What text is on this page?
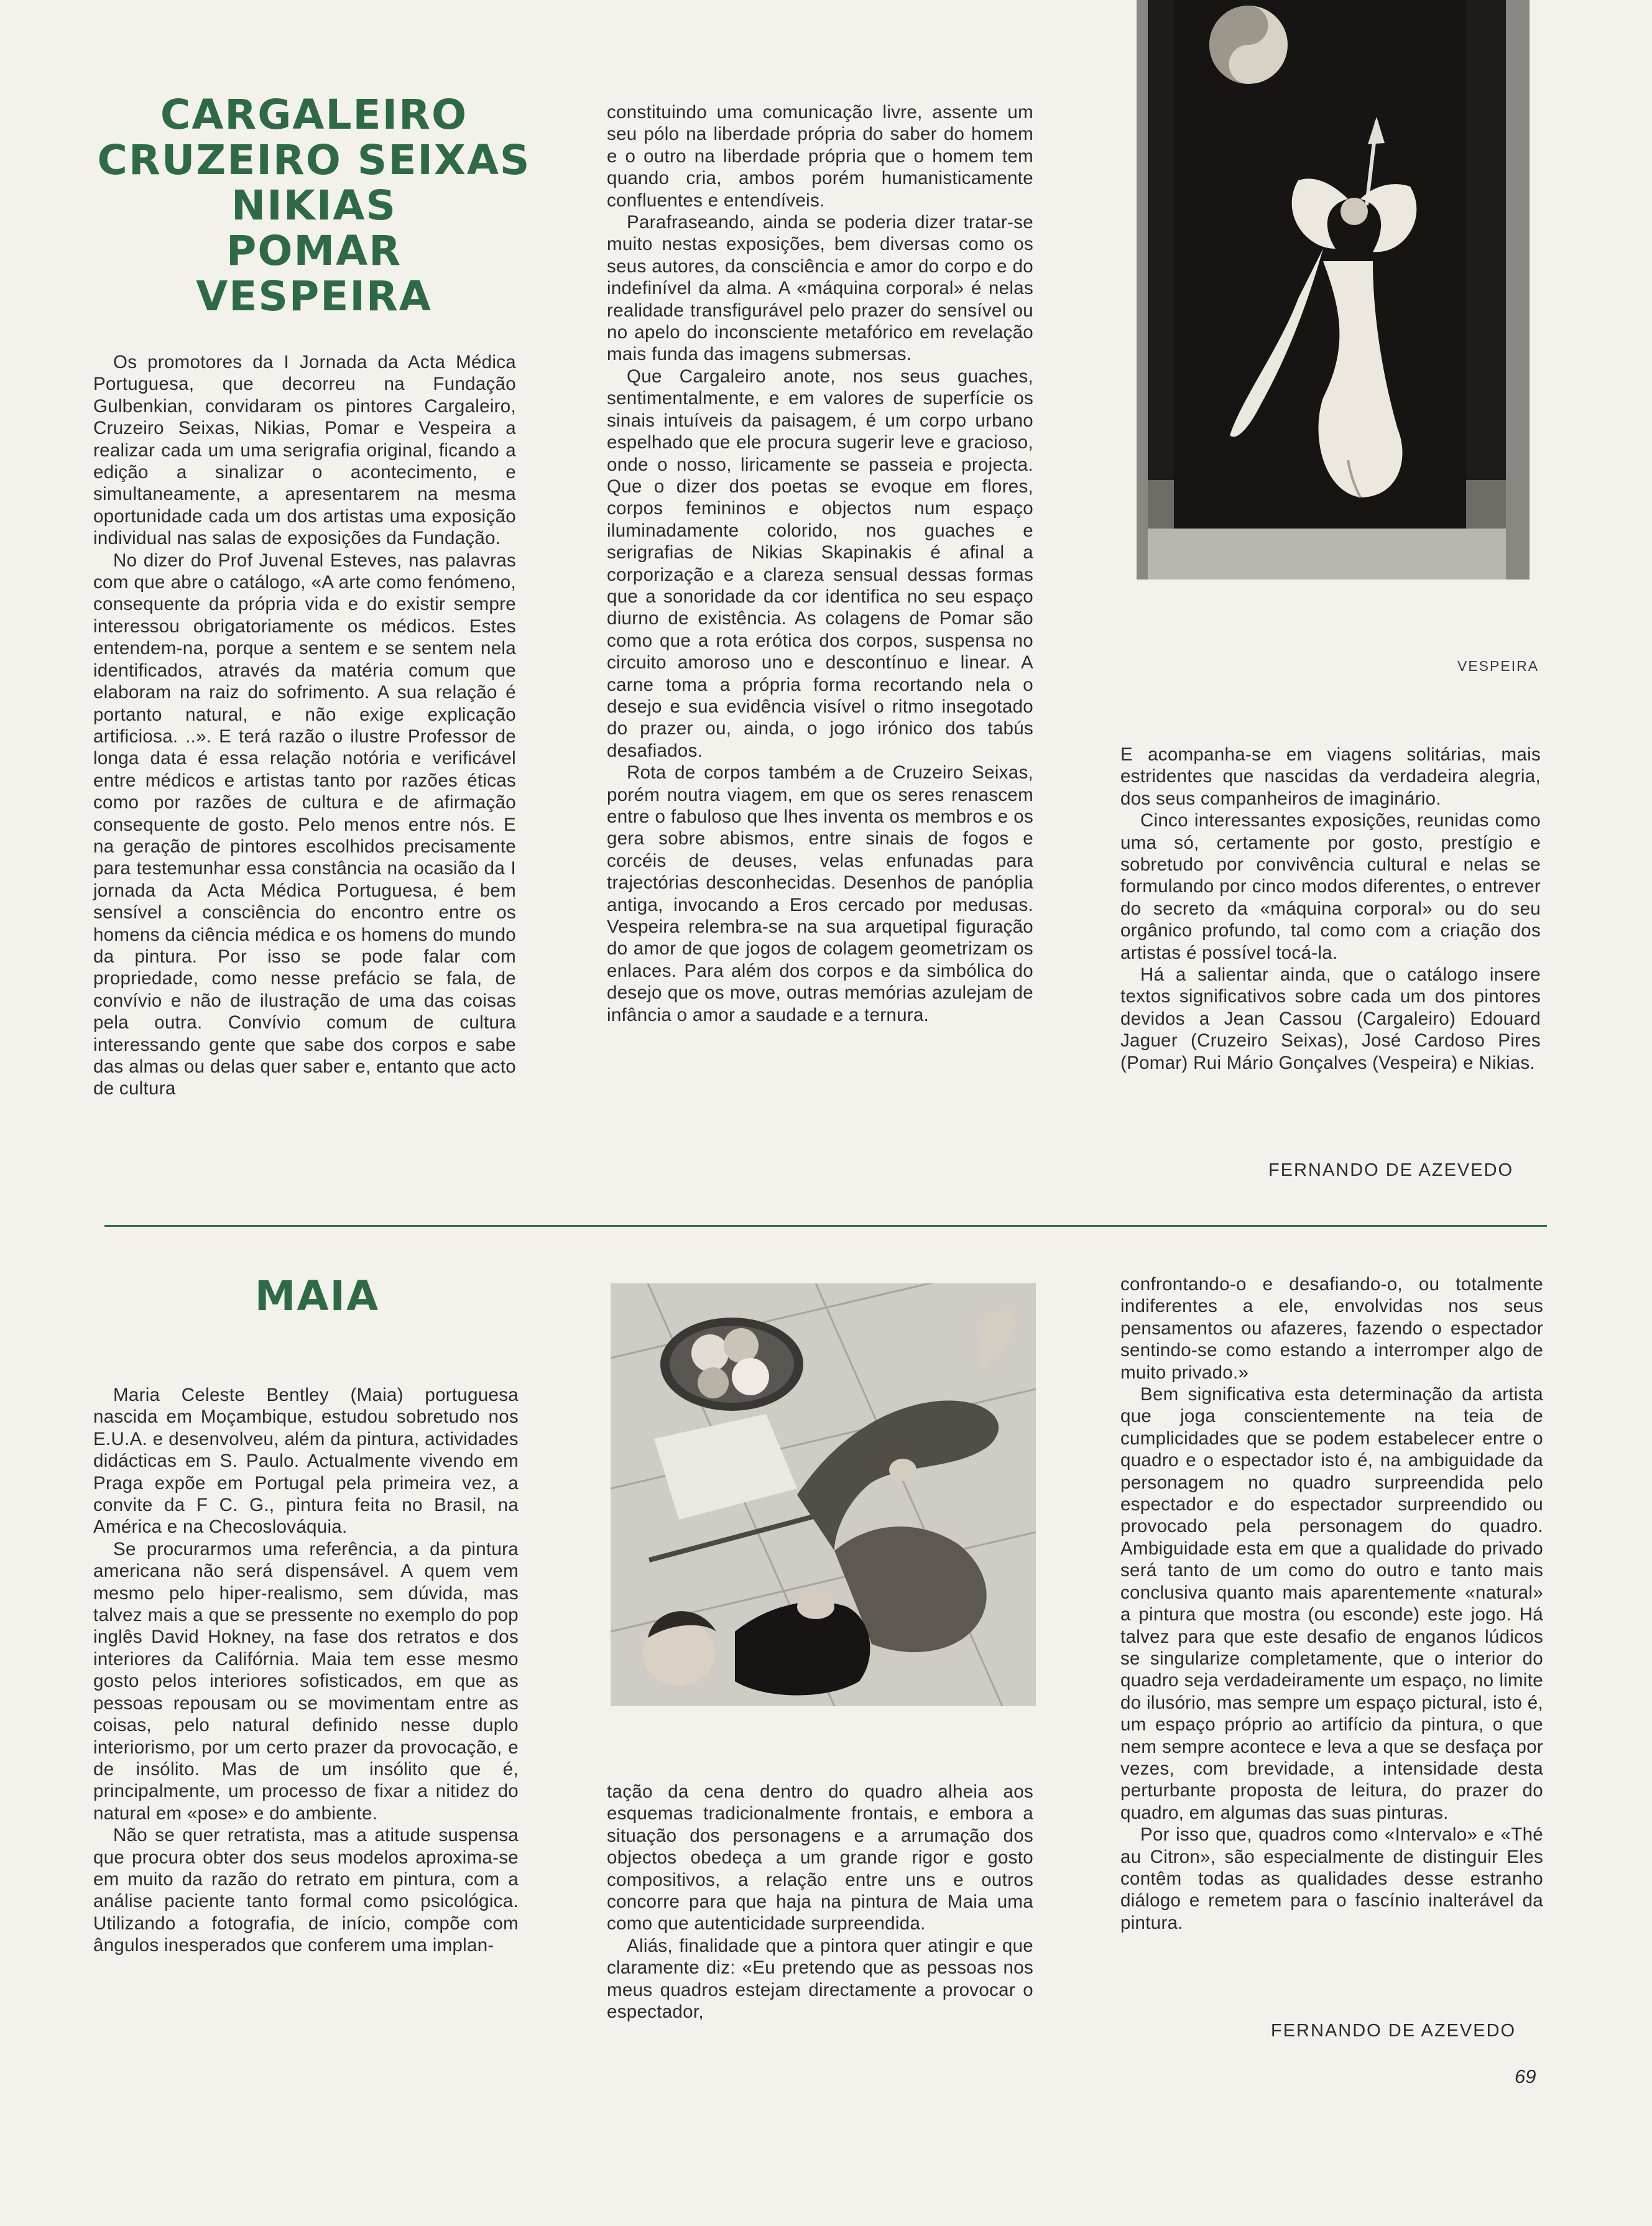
CARGALEIRO
CRUZEIRO SEIXAS
NIKIAS
POMAR
VESPEIRA

Os promotores da I Jornada da Acta Médica Portuguesa, que decorreu na Fundação Gulbenkian, convidaram os pintores Cargaleiro, Cruzeiro Seixas, Nikias, Pomar e Vespeira a realizar cada um uma serigrafia original, ficando a edição a sinalizar o acontecimento, e simultaneamente, a apresentarem na mesma oportunidade cada um dos artistas uma exposição individual nas salas de exposições da Fundação.

No dizer do Prof Juvenal Esteves, nas palavras com que abre o catálogo, «A arte como fenómeno, consequente da própria vida e do existir sempre interessou obrigatoriamente os médicos. Estes entendem-na, porque a sentem e se sentem nela identificados, através da matéria comum que elaboram na raiz do sofrimento. A sua relação é portanto natural, e não exige explicação artificiosa. ..». E terá razão o ilustre Professor de longa data é essa relação notória e verificável entre médicos e artistas tanto por razões éticas como por razões de cultura e de afirmação consequente de gosto. Pelo menos entre nós. E na geração de pintores escolhidos precisamente para testemunhar essa constância na ocasião da I jornada da Acta Médica Portuguesa, é bem sensível a consciência do encontro entre os homens da ciência médica e os homens do mundo da pintura. Por isso se pode falar com propriedade, como nesse prefácio se fala, de convívio e não de ilustração de uma das coisas pela outra. Convívio comum de cultura interessando gente que sabe dos corpos e sabe das almas ou delas quer saber e, entanto que acto de cultura

constituindo uma comunicação livre, assente um seu pólo na liberdade própria do saber do homem e o outro na liberdade própria que o homem tem quando cria, ambos porém humanisticamente confluentes e entendíveis.

Parafraseando, ainda se poderia dizer tratar-se muito nestas exposições, bem diversas como os seus autores, da consciência e amor do corpo e do indefinível da alma. A «máquina corporal» é nelas realidade transfigurável pelo prazer do sensível ou no apelo do inconsciente metafórico em revelação mais funda das imagens submersas.

Que Cargaleiro anote, nos seus guaches, sentimentalmente, e em valores de superfície os sinais intuíveis da paisagem, é um corpo urbano espelhado que ele procura sugerir leve e gracioso, onde o nosso, liricamente se passeia e projecta. Que o dizer dos poetas se evoque em flores, corpos femininos e objectos num espaço iluminadamente colorido, nos guaches e serigrafias de Nikias Skapinakis é afinal a corporização e a clareza sensual dessas formas que a sonoridade da cor identifica no seu espaço diurno de existência. As colagens de Pomar são como que a rota erótica dos corpos, suspensa no circuito amoroso uno e descontínuo e linear. A carne toma a própria forma recortando nela o desejo e sua evidência visível o ritmo insegotado do prazer ou, ainda, o jogo irónico dos tabús desafiados.

Rota de corpos também a de Cruzeiro Seixas, porém noutra viagem, em que os seres renascem entre o fabuloso que lhes inventa os membros e os gera sobre abismos, entre sinais de fogos e corcéis de deuses, velas enfunadas para trajectórias desconhecidas. Desenhos de panóplia antiga, invocando a Eros cercado por medusas. Vespeira relembra-se na sua arquetipal figuração do amor de que jogos de colagem geometrizam os enlaces. Para além dos corpos e da simbólica do desejo que os move, outras memórias azulejam de infância o amor a saudade e a ternura.

VESPEIRA

E acompanha-se em viagens solitárias, mais estridentes que nascidas da verdadeira alegria, dos seus companheiros de imaginário.

Cinco interessantes exposições, reunidas como uma só, certamente por gosto, prestígio e sobretudo por convivência cultural e nelas se formulando por cinco modos diferentes, o entrever do secreto da «máquina corporal» ou do seu orgânico profundo, tal como com a criação dos artistas é possível tocá-la.

Há a salientar ainda, que o catálogo insere textos significativos sobre cada um dos pintores devidos a Jean Cassou (Cargaleiro) Edouard Jaguer (Cruzeiro Seixas), José Cardoso Pires (Pomar) Rui Mário Gonçalves (Vespeira) e Nikias.

FERNANDO DE AZEVEDO
MAIA

Maria Celeste Bentley (Maia) portuguesa nascida em Moçambique, estudou sobretudo nos E.U.A. e desenvolveu, além da pintura, actividades didácticas em S. Paulo. Actualmente vivendo em Praga expõe em Portugal pela primeira vez, a convite da F C. G., pintura feita no Brasil, na América e na Checoslováquia.

Se procurarmos uma referência, a da pintura americana não será dispensável. A quem vem mesmo pelo hiper-realismo, sem dúvida, mas talvez mais a que se pressente no exemplo do pop inglês David Hokney, na fase dos retratos e dos interiores da Califórnia. Maia tem esse mesmo gosto pelos interiores sofisticados, em que as pessoas repousam ou se movimentam entre as coisas, pelo natural definido nesse duplo interiorismo, por um certo prazer da provocação, e de insólito. Mas de um insólito que é, principalmente, um processo de fixar a nitidez do natural em «pose» e do ambiente.

Não se quer retratista, mas a atitude suspensa que procura obter dos seus modelos aproxima-se em muito da razão do retrato em pintura, com a análise paciente tanto formal como psicológica. Utilizando a fotografia, de início, compõe com ângulos inesperados que conferem uma implan-

tação da cena dentro do quadro alheia aos esquemas tradicionalmente frontais, e embora a situação dos personagens e a arrumação dos objectos obedeça a um grande rigor e gosto compositivos, a relação entre uns e outros concorre para que haja na pintura de Maia uma como que autenticidade surpreendida.

Aliás, finalidade que a pintora quer atingir e que claramente diz: «Eu pretendo que as pessoas nos meus quadros estejam directamente a provocar o espectador,

confrontando-o e desafiando-o, ou totalmente indiferentes a ele, envolvidas nos seus pensamentos ou afazeres, fazendo o espectador sentindo-se como estando a interromper algo de muito privado.»

Bem significativa esta determinação da artista que joga conscientemente na teia de cumplicidades que se podem estabelecer entre o quadro e o espectador isto é, na ambiguidade da personagem no quadro surpreendida pelo espectador e do espectador surpreendido ou provocado pela personagem do quadro. Ambiguidade esta em que a qualidade do privado será tanto de um como do outro e tanto mais conclusiva quanto mais aparentemente «natural» a pintura que mostra (ou esconde) este jogo. Há talvez para que este desafio de enganos lúdicos se singularize completamente, que o interior do quadro seja verdadeiramente um espaço, no limite do ilusório, mas sempre um espaço pictural, isto é, um espaço próprio ao artifício da pintura, o que nem sempre acontece e leva a que se desfaça por vezes, com brevidade, a intensidade desta perturbante proposta de leitura, do prazer do quadro, em algumas das suas pinturas.

Por isso que, quadros como «Intervalo» e «Thé au Citron», são especialmente de distinguir Eles contêm todas as qualidades desse estranho diálogo e remetem para o fascínio inalterável da pintura.

FERNANDO DE AZEVEDO
69
